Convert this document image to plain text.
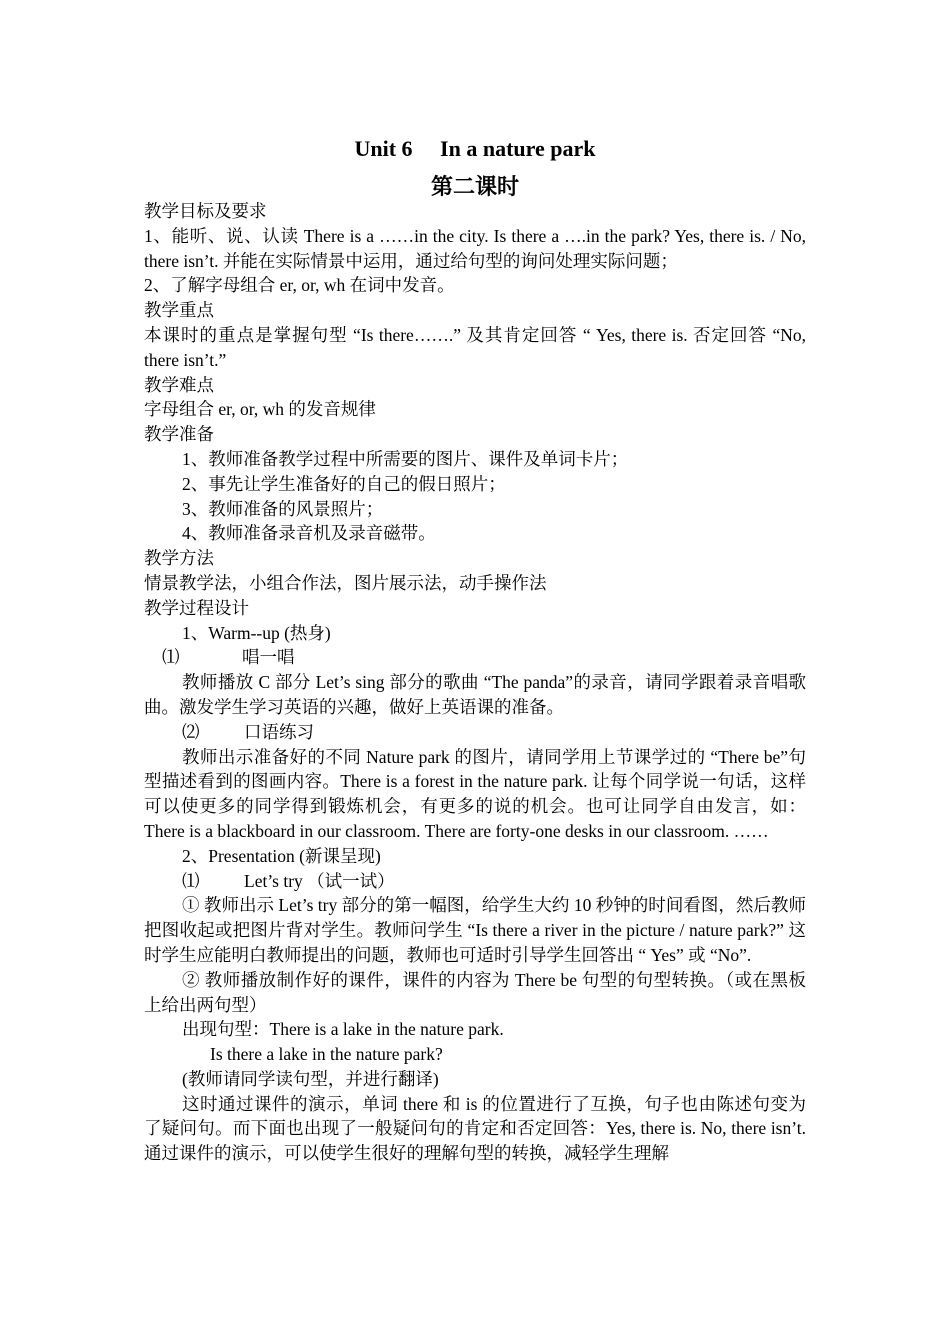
Unit 6　 In a nature park
第二课时

教学目标及要求

1、能听、说、认读 There is a ……in the city. Is there a ….in the park? Yes, there is. / No, there isn’t. 并能在实际情景中运用，通过给句型的询问处理实际问题；

2、了解字母组合 er, or, wh 在词中发音。

教学重点

本课时的重点是掌握句型 “Is there…….” 及其肯定回答 “ Yes, there is. 否定回答 “No, there isn’t.”

教学难点

字母组合 er, or, wh 的发音规律

教学准备

1、教师准备教学过程中所需要的图片、课件及单词卡片；

2、事先让学生准备好的自己的假日照片；

3、教师准备的风景照片；

4、教师准备录音机及录音磁带。

教学方法

情景教学法，小组合作法，图片展示法，动手操作法

教学过程设计

1、Warm--up (热身)

⑴	唱一唱

教师播放 C 部分 Let’s sing 部分的歌曲 “The panda”的录音，请同学跟着录音唱歌曲。激发学生学习英语的兴趣，做好上英语课的准备。

⑵	口语练习

教师出示准备好的不同 Nature park 的图片，请同学用上节课学过的 “There be”句型描述看到的图画内容。There is a forest in the nature park. 让每个同学说一句话，这样可以使更多的同学得到锻炼机会，有更多的说的机会。也可让同学自由发言，如：There is a blackboard in our classroom. There are forty-one desks in our classroom. ……

2、Presentation (新课呈现)

⑴	Let’s try （试一试）

① 教师出示 Let’s try 部分的第一幅图，给学生大约 10 秒钟的时间看图，然后教师把图收起或把图片背对学生。教师问学生 “Is there a river in the picture / nature park?” 这时学生应能明白教师提出的问题，教师也可适时引导学生回答出 “ Yes” 或 “No”.

② 教师播放制作好的课件，课件的内容为 There be 句型的句型转换。（或在黑板上给出两句型）

出现句型：There is a lake in the nature park.

Is there a lake in the nature park?

(教师请同学读句型，并进行翻译)

这时通过课件的演示，单词 there 和 is 的位置进行了互换，句子也由陈述句变为了疑问句。而下面也出现了一般疑问句的肯定和否定回答：Yes, there is. No, there isn’t. 通过课件的演示，可以使学生很好的理解句型的转换，减轻学生理解
